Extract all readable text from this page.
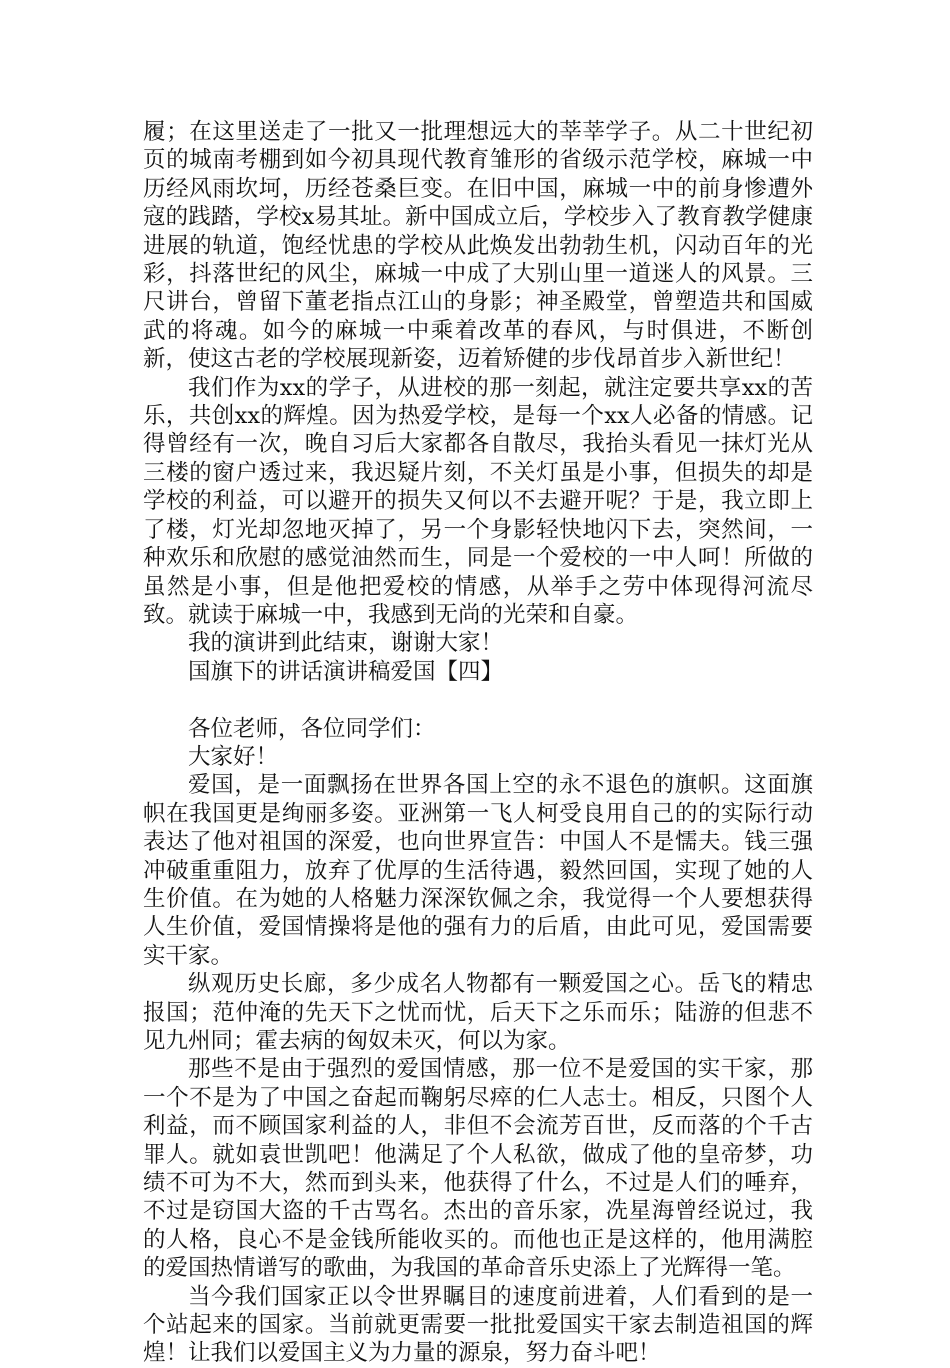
履；在这里送走了一批又一批理想远大的莘莘学子。从二十世纪初页的城南考棚到如今初具现代教育雏形的省级示范学校，麻城一中历经风雨坎坷，历经苍桑巨变。在旧中国，麻城一中的前身惨遭外寇的践踏，学校x易其址。新中国成立后，学校步入了教育教学健康进展的轨道，饱经忧患的学校从此焕发出勃勃生机，闪动百年的光彩，抖落世纪的风尘，麻城一中成了大别山里一道迷人的风景。三尺讲台，曾留下董老指点江山的身影；神圣殿堂，曾塑造共和国威武的将魂。如今的麻城一中乘着改革的春风，与时俱进，不断创新，使这古老的学校展现新姿，迈着矫健的步伐昂首步入新世纪！

我们作为xx的学子，从进校的那一刻起，就注定要共享xx的苦乐，共创xx的辉煌。因为热爱学校，是每一个xx人必备的情感。记得曾经有一次，晚自习后大家都各自散尽，我抬头看见一抹灯光从三楼的窗户透过来，我迟疑片刻，不关灯虽是小事，但损失的却是学校的利益，可以避开的损失又何以不去避开呢？于是，我立即上了楼，灯光却忽地灭掉了，另一个身影轻快地闪下去，突然间，一种欢乐和欣慰的感觉油然而生，同是一个爱校的一中人呵！所做的虽然是小事，但是他把爱校的情感，从举手之劳中体现得河流尽致。就读于麻城一中，我感到无尚的光荣和自豪。

我的演讲到此结束，谢谢大家！

国旗下的讲话演讲稿爱国【四】

各位老师，各位同学们：

大家好！

爱国，是一面飘扬在世界各国上空的永不退色的旗帜。这面旗帜在我国更是绚丽多姿。亚洲第一飞人柯受良用自己的的实际行动表达了他对祖国的深爱，也向世界宣告：中国人不是懦夫。钱三强冲破重重阻力，放弃了优厚的生活待遇，毅然回国，实现了她的人生价值。在为她的人格魅力深深钦佩之余，我觉得一个人要想获得人生价值，爱国情操将是他的强有力的后盾，由此可见，爱国需要实干家。

纵观历史长廊，多少成名人物都有一颗爱国之心。岳飞的精忠报国；范仲淹的先天下之忧而忧，后天下之乐而乐；陆游的但悲不见九州同；霍去病的匈奴未灭，何以为家。

那些不是由于强烈的爱国情感，那一位不是爱国的实干家，那一个不是为了中国之奋起而鞠躬尽瘁的仁人志士。相反，只图个人利益，而不顾国家利益的人，非但不会流芳百世，反而落的个千古罪人。就如袁世凯吧！他满足了个人私欲，做成了他的皇帝梦，功绩不可为不大，然而到头来，他获得了什么，不过是人们的唾弃，不过是窃国大盗的千古骂名。杰出的音乐家，冼星海曾经说过，我的人格，良心不是金钱所能收买的。而他也正是这样的，他用满腔的爱国热情谱写的歌曲，为我国的革命音乐史添上了光辉得一笔。

当今我们国家正以令世界瞩目的速度前进着，人们看到的是一个站起来的国家。当前就更需要一批批爱国实干家去制造祖国的辉煌！让我们以爱国主义为力量的源泉，努力奋斗吧！
